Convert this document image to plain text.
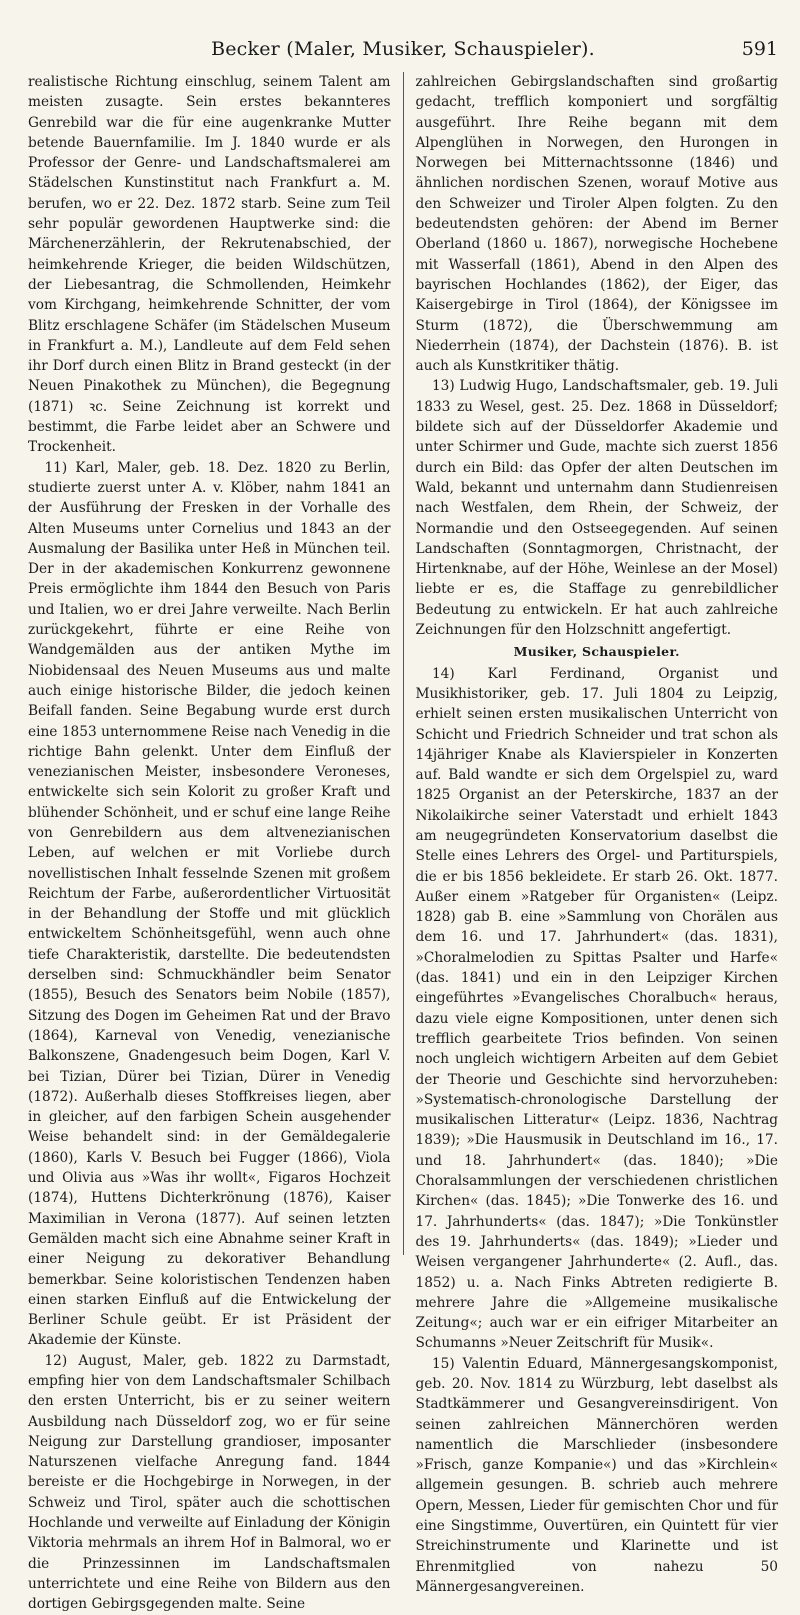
Becker (Maler, Musiker, Schauspieler).	591

realistische Richtung einschlug, seinem Talent am meisten zusagte. Sein erstes bekannteres Genrebild war die für eine augenkranke Mutter betende Bauernfamilie. Im J. 1840 wurde er als Professor der Genre- und Landschaftsmalerei am Städelschen Kunstinstitut nach Frankfurt a. M. berufen, wo er 22. Dez. 1872 starb. Seine zum Teil sehr populär gewordenen Hauptwerke sind: die Märchenerzählerin, der Rekrutenabschied, der heimkehrende Krieger, die beiden Wildschützen, der Liebesantrag, die Schmollenden, Heimkehr vom Kirchgang, heimkehrende Schnitter, der vom Blitz erschlagene Schäfer (im Städelschen Museum in Frankfurt a. M.), Landleute auf dem Feld sehen ihr Dorf durch einen Blitz in Brand gesteckt (in der Neuen Pinakothek zu München), die Begegnung (1871) ꝛc. Seine Zeichnung ist korrekt und bestimmt, die Farbe leidet aber an Schwere und Trockenheit.

11) Karl, Maler, geb. 18. Dez. 1820 zu Berlin, studierte zuerst unter A. v. Klöber, nahm 1841 an der Ausführung der Fresken in der Vorhalle des Alten Museums unter Cornelius und 1843 an der Ausmalung der Basilika unter Heß in München teil. Der in der akademischen Konkurrenz gewonnene Preis ermöglichte ihm 1844 den Besuch von Paris und Italien, wo er drei Jahre verweilte. Nach Berlin zurückgekehrt, führte er eine Reihe von Wandgemälden aus der antiken Mythe im Niobidensaal des Neuen Museums aus und malte auch einige historische Bilder, die jedoch keinen Beifall fanden. Seine Begabung wurde erst durch eine 1853 unternommene Reise nach Venedig in die richtige Bahn gelenkt. Unter dem Einfluß der venezianischen Meister, insbesondere Veroneses, entwickelte sich sein Kolorit zu großer Kraft und blühender Schönheit, und er schuf eine lange Reihe von Genrebildern aus dem altvenezianischen Leben, auf welchen er mit Vorliebe durch novellistischen Inhalt fesselnde Szenen mit großem Reichtum der Farbe, außerordentlicher Virtuosität in der Behandlung der Stoffe und mit glücklich entwickeltem Schönheitsgefühl, wenn auch ohne tiefe Charakteristik, darstellte. Die bedeutendsten derselben sind: Schmuckhändler beim Senator (1855), Besuch des Senators beim Nobile (1857), Sitzung des Dogen im Geheimen Rat und der Bravo (1864), Karneval von Venedig, venezianische Balkonszene, Gnadengesuch beim Dogen, Karl V. bei Tizian, Dürer bei Tizian, Dürer in Venedig (1872). Außerhalb dieses Stoffkreises liegen, aber in gleicher, auf den farbigen Schein ausgehender Weise behandelt sind: in der Gemäldegalerie (1860), Karls V. Besuch bei Fugger (1866), Viola und Olivia aus »Was ihr wollt«, Figaros Hochzeit (1874), Huttens Dichterkrönung (1876), Kaiser Maximilian in Verona (1877). Auf seinen letzten Gemälden macht sich eine Abnahme seiner Kraft in einer Neigung zu dekorativer Behandlung bemerkbar. Seine koloristischen Tendenzen haben einen starken Einfluß auf die Entwickelung der Berliner Schule geübt. Er ist Präsident der Akademie der Künste.

12) August, Maler, geb. 1822 zu Darmstadt, empfing hier von dem Landschaftsmaler Schilbach den ersten Unterricht, bis er zu seiner weitern Ausbildung nach Düsseldorf zog, wo er für seine Neigung zur Darstellung grandioser, imposanter Naturszenen vielfache Anregung fand. 1844 bereiste er die Hochgebirge in Norwegen, in der Schweiz und Tirol, später auch die schottischen Hochlande und verweilte auf Einladung der Königin Viktoria mehrmals an ihrem Hof in Balmoral, wo er die Prinzessinnen im Landschaftsmalen unterrichtete und eine Reihe von Bildern aus den dortigen Gebirgsgegenden malte. Seine

zahlreichen Gebirgslandschaften sind großartig gedacht, trefflich komponiert und sorgfältig ausgeführt. Ihre Reihe begann mit dem Alpenglühen in Norwegen, den Hurongen in Norwegen bei Mitternachtssonne (1846) und ähnlichen nordischen Szenen, worauf Motive aus den Schweizer und Tiroler Alpen folgten. Zu den bedeutendsten gehören: der Abend im Berner Oberland (1860 u. 1867), norwegische Hochebene mit Wasserfall (1861), Abend in den Alpen des bayrischen Hochlandes (1862), der Eiger, das Kaisergebirge in Tirol (1864), der Königssee im Sturm (1872), die Überschwemmung am Niederrhein (1874), der Dachstein (1876). B. ist auch als Kunstkritiker thätig.

13) Ludwig Hugo, Landschaftsmaler, geb. 19. Juli 1833 zu Wesel, gest. 25. Dez. 1868 in Düsseldorf; bildete sich auf der Düsseldorfer Akademie und unter Schirmer und Gude, machte sich zuerst 1856 durch ein Bild: das Opfer der alten Deutschen im Wald, bekannt und unternahm dann Studienreisen nach Westfalen, dem Rhein, der Schweiz, der Normandie und den Ostseegegenden. Auf seinen Landschaften (Sonntagmorgen, Christnacht, der Hirtenknabe, auf der Höhe, Weinlese an der Mosel) liebte er es, die Staffage zu genrebildlicher Bedeutung zu entwickeln. Er hat auch zahlreiche Zeichnungen für den Holzschnitt angefertigt.

Musiker, Schauspieler.

14) Karl Ferdinand, Organist und Musikhistoriker, geb. 17. Juli 1804 zu Leipzig, erhielt seinen ersten musikalischen Unterricht von Schicht und Friedrich Schneider und trat schon als 14jähriger Knabe als Klavierspieler in Konzerten auf. Bald wandte er sich dem Orgelspiel zu, ward 1825 Organist an der Peterskirche, 1837 an der Nikolaikirche seiner Vaterstadt und erhielt 1843 am neugegründeten Konservatorium daselbst die Stelle eines Lehrers des Orgel- und Partiturspiels, die er bis 1856 bekleidete. Er starb 26. Okt. 1877. Außer einem »Ratgeber für Organisten« (Leipz. 1828) gab B. eine »Sammlung von Chorälen aus dem 16. und 17. Jahrhundert« (das. 1831), »Choralmelodien zu Spittas Psalter und Harfe« (das. 1841) und ein in den Leipziger Kirchen eingeführtes »Evangelisches Choralbuch« heraus, dazu viele eigne Kompositionen, unter denen sich trefflich gearbeitete Trios befinden. Von seinen noch ungleich wichtigern Arbeiten auf dem Gebiet der Theorie und Geschichte sind hervorzuheben: »Systematisch-chronologische Darstellung der musikalischen Litteratur« (Leipz. 1836, Nachtrag 1839); »Die Hausmusik in Deutschland im 16., 17. und 18. Jahrhundert« (das. 1840); »Die Choralsammlungen der verschiedenen christlichen Kirchen« (das. 1845); »Die Tonwerke des 16. und 17. Jahrhunderts« (das. 1847); »Die Tonkünstler des 19. Jahrhunderts« (das. 1849); »Lieder und Weisen vergangener Jahrhunderte« (2. Aufl., das. 1852) u. a. Nach Finks Abtreten redigierte B. mehrere Jahre die »Allgemeine musikalische Zeitung«; auch war er ein eifriger Mitarbeiter an Schumanns »Neuer Zeitschrift für Musik«.

15) Valentin Eduard, Männergesangskomponist, geb. 20. Nov. 1814 zu Würzburg, lebt daselbst als Stadtkämmerer und Gesangvereinsdirigent. Von seinen zahlreichen Männerchören werden namentlich die Marschlieder (insbesondere »Frisch, ganze Kompanie«) und das »Kirchlein« allgemein gesungen. B. schrieb auch mehrere Opern, Messen, Lieder für gemischten Chor und für eine Singstimme, Ouvertüren, ein Quintett für vier Streichinstrumente und Klarinette und ist Ehrenmitglied von nahezu 50 Männergesangvereinen.
